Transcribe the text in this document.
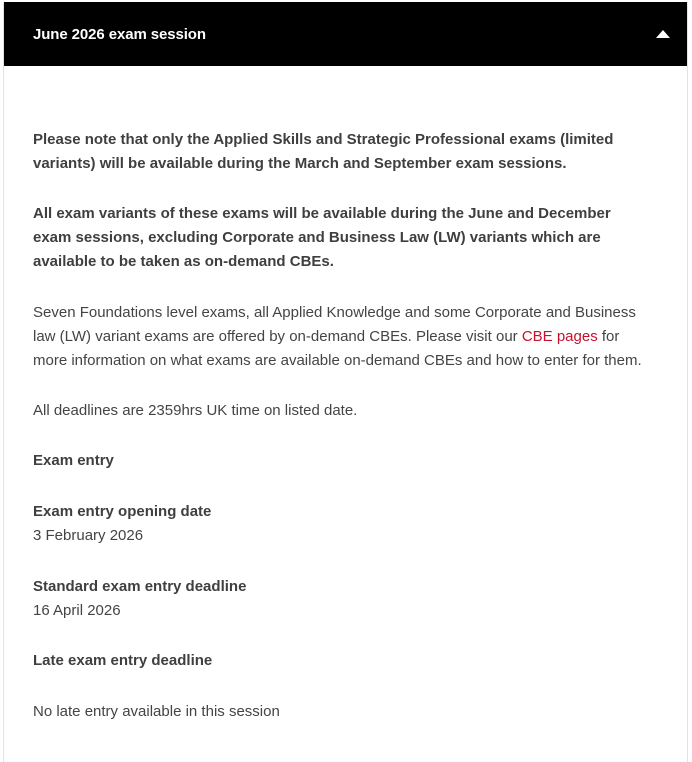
June 2026 exam session

Please note that only the Applied Skills and Strategic Professional exams (limited variants) will be available during the March and September exam sessions.

All exam variants of these exams will be available during the June and December exam sessions, excluding Corporate and Business Law (LW) variants which are available to be taken as on-demand CBEs.

Seven Foundations level exams, all Applied Knowledge and some Corporate and Business law (LW) variant exams are offered by on-demand CBEs. Please visit our CBE pages for more information on what exams are available on-demand CBEs and how to enter for them.

All deadlines are 2359hrs UK time on listed date.

Exam entry

Exam entry opening date

3 February 2026

Standard exam entry deadline

16 April 2026

Late exam entry deadline

No late entry available in this session
